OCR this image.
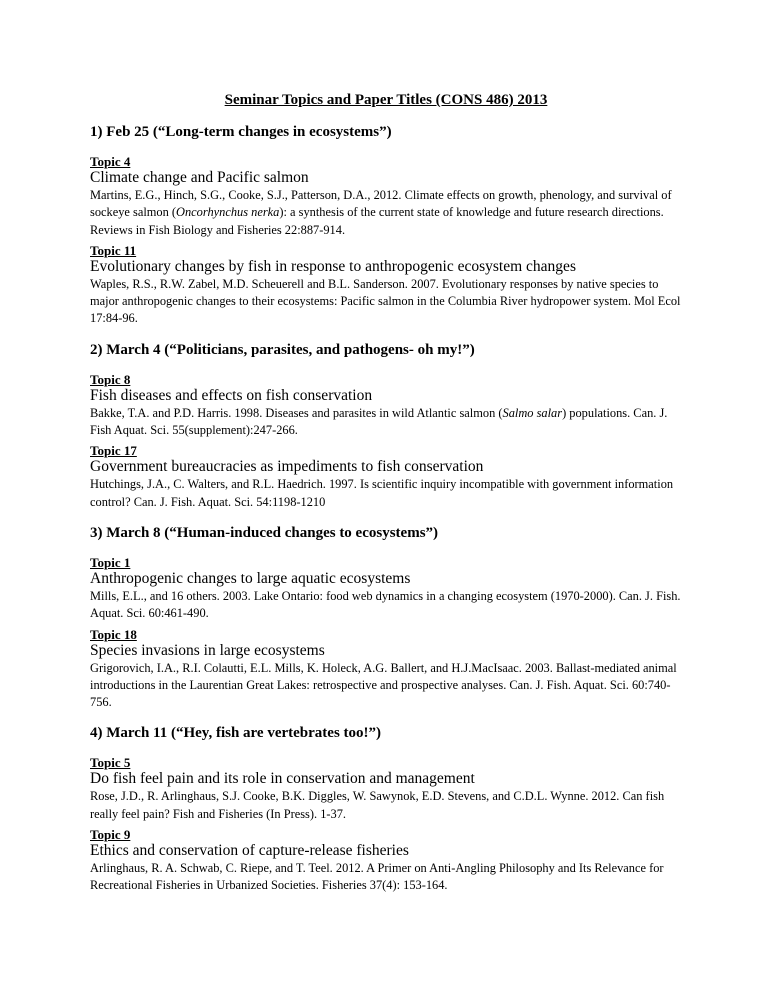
Seminar Topics and Paper Titles (CONS 486) 2013
1) Feb 25 (“Long-term changes in ecosystems”)
Topic 4
Climate change and Pacific salmon

Martins, E.G., Hinch, S.G., Cooke, S.J., Patterson, D.A., 2012. Climate effects on growth, phenology, and survival of sockeye salmon (Oncorhynchus nerka): a synthesis of the current state of knowledge and future research directions. Reviews in Fish Biology and Fisheries 22:887-914.

Topic 11
Evolutionary changes by fish in response to anthropogenic ecosystem changes

Waples, R.S., R.W. Zabel, M.D. Scheuerell and B.L. Sanderson. 2007. Evolutionary responses by native species to major anthropogenic changes to their ecosystems: Pacific salmon in the Columbia River hydropower system. Mol Ecol 17:84-96.

2) March 4 (“Politicians, parasites, and pathogens- oh my!”)
Topic 8
Fish diseases and effects on fish conservation

Bakke, T.A. and P.D. Harris. 1998. Diseases and parasites in wild Atlantic salmon (Salmo salar) populations. Can. J. Fish Aquat. Sci. 55(supplement):247-266.

Topic 17
Government bureaucracies as impediments to fish conservation

Hutchings, J.A., C. Walters, and R.L. Haedrich. 1997. Is scientific inquiry incompatible with government information control? Can. J. Fish. Aquat. Sci. 54:1198-1210

3) March 8 (“Human-induced changes to ecosystems”)
Topic 1
Anthropogenic changes to large aquatic ecosystems

Mills, E.L., and 16 others. 2003. Lake Ontario: food web dynamics in a changing ecosystem (1970-2000). Can. J. Fish. Aquat. Sci. 60:461-490.

Topic 18
Species invasions in large ecosystems

Grigorovich, I.A., R.I. Colautti, E.L. Mills, K. Holeck, A.G. Ballert, and H.J.MacIsaac. 2003. Ballast-mediated animal introductions in the Laurentian Great Lakes: retrospective and prospective analyses. Can. J. Fish. Aquat. Sci. 60:740-756.

4) March 11 (“Hey, fish are vertebrates too!”)
Topic 5
Do fish feel pain and its role in conservation and management

Rose, J.D., R. Arlinghaus, S.J. Cooke, B.K. Diggles, W. Sawynok, E.D. Stevens, and C.D.L. Wynne. 2012. Can fish really feel pain? Fish and Fisheries (In Press). 1-37.

Topic 9
Ethics and conservation of capture-release fisheries

Arlinghaus, R. A. Schwab, C. Riepe, and T. Teel. 2012. A Primer on Anti-Angling Philosophy and Its Relevance for Recreational Fisheries in Urbanized Societies. Fisheries 37(4): 153-164.
